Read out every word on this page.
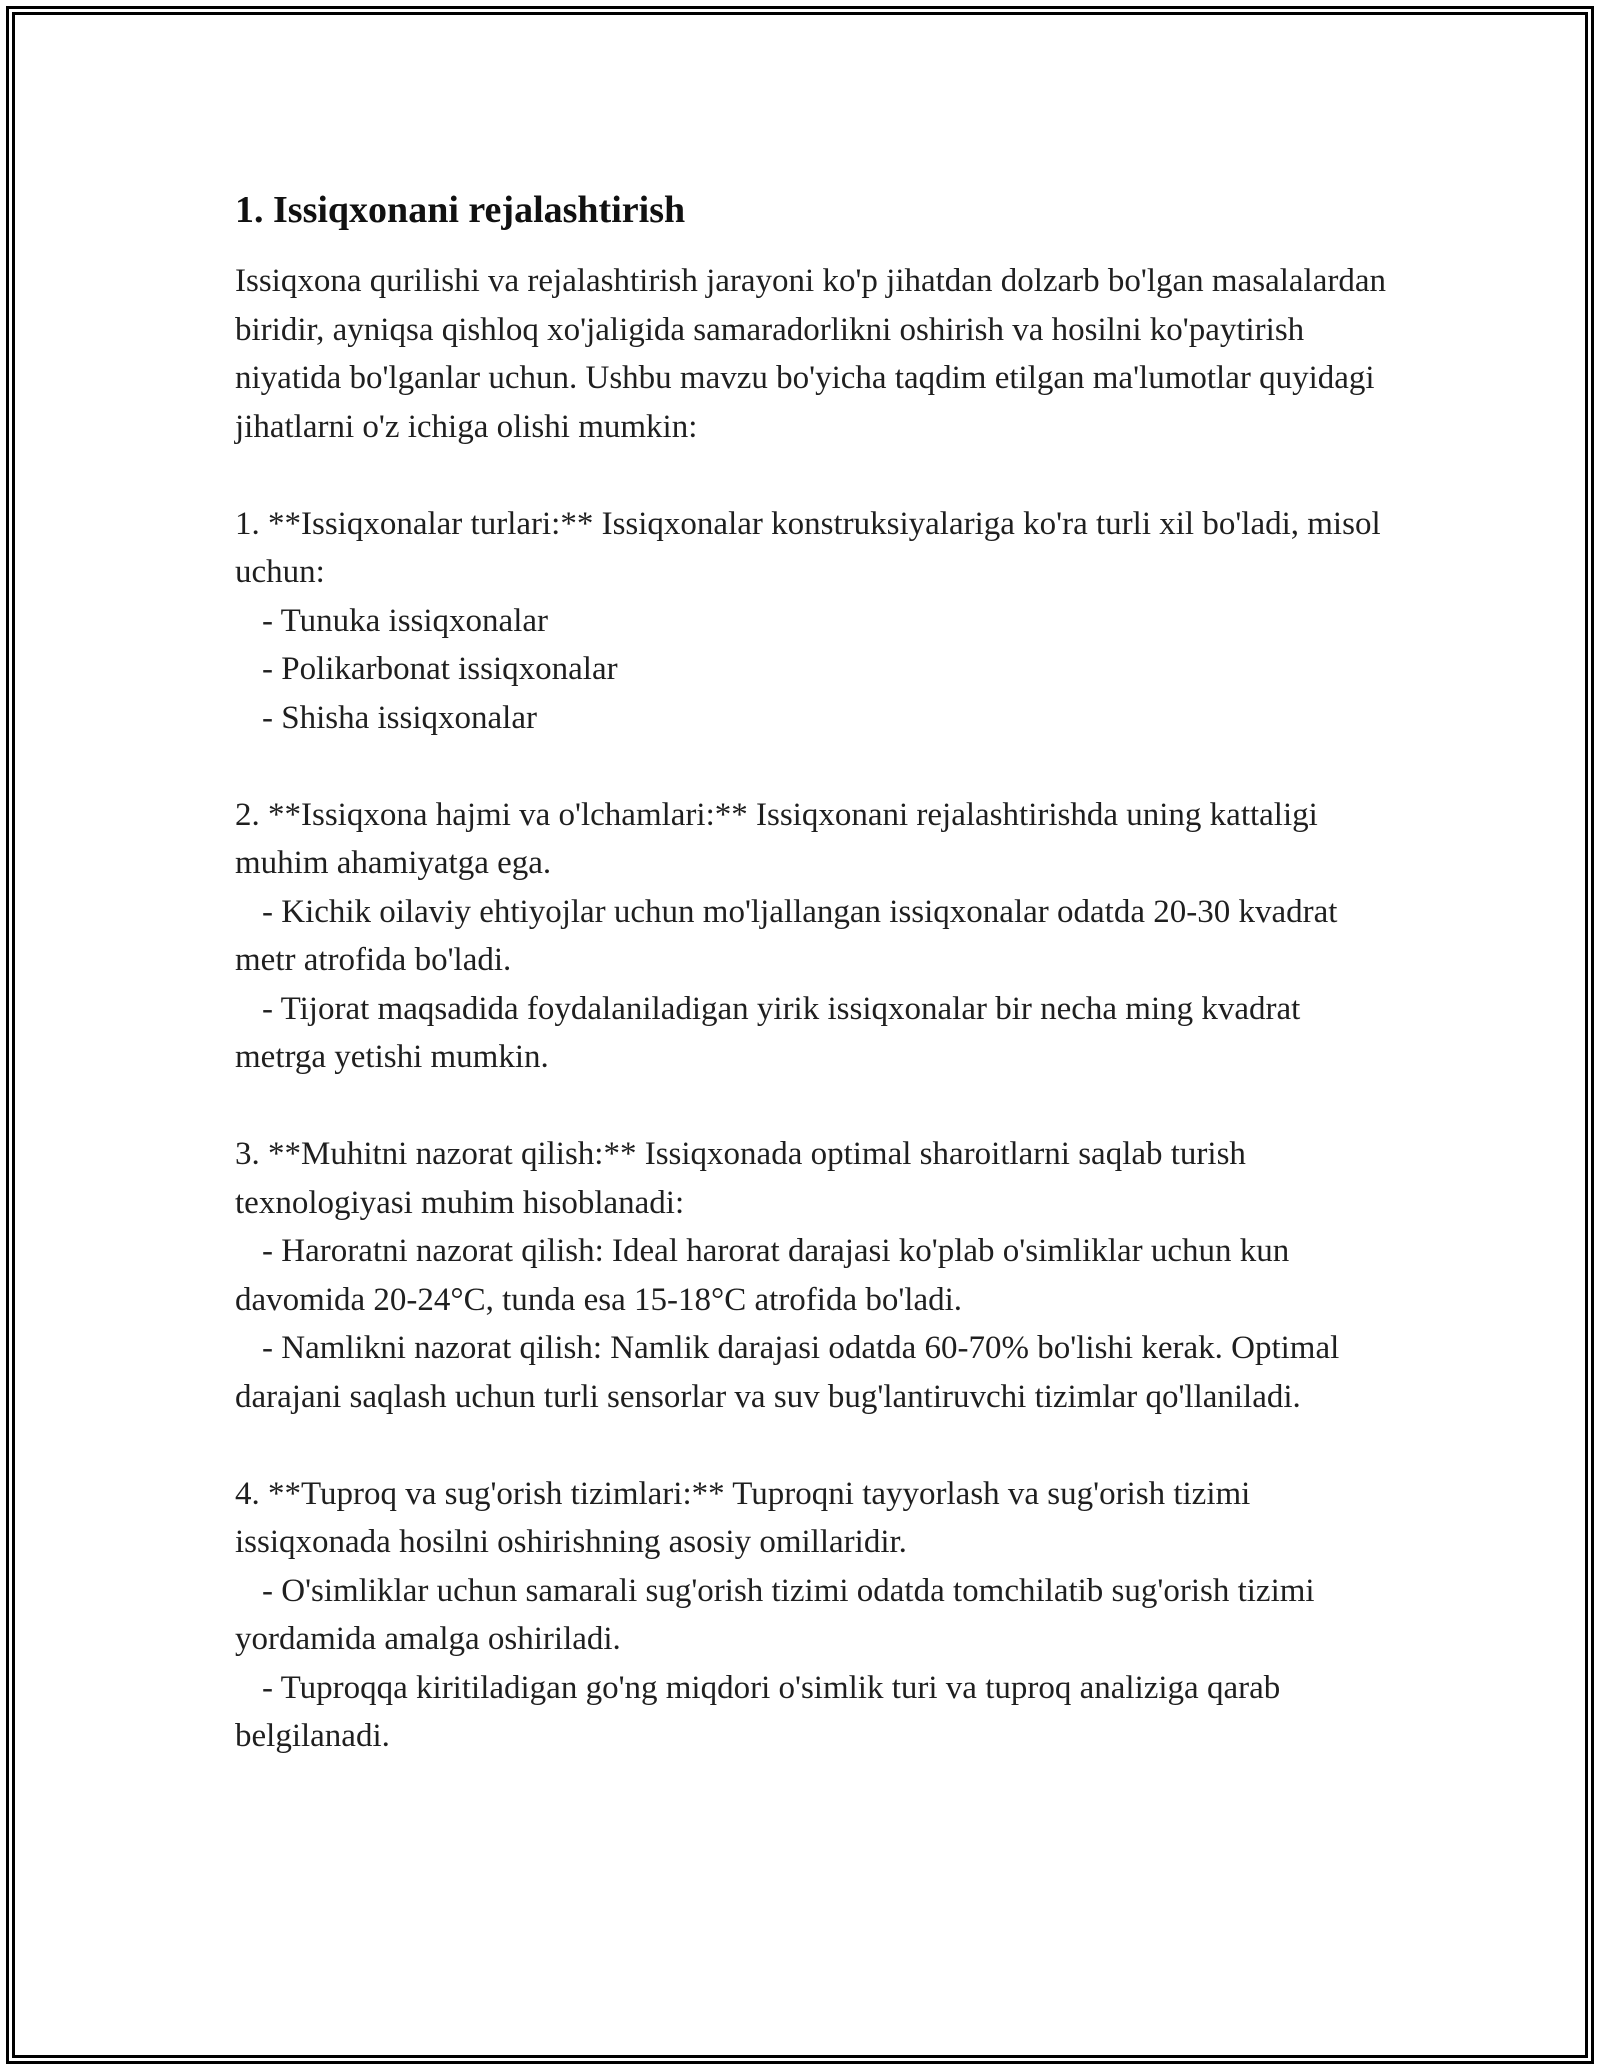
1. Issiqxonani rejalashtirish

Issiqxona qurilishi va rejalashtirish jarayoni ko'p jihatdan dolzarb bo'lgan masalalardan biridir, ayniqsa qishloq xo'jaligida samaradorlikni oshirish va hosilni ko'paytirish niyatida bo'lganlar uchun. Ushbu mavzu bo'yicha taqdim etilgan ma'lumotlar quyidagi jihatlarni o'z ichiga olishi mumkin:

1. **Issiqxonalar turlari:** Issiqxonalar konstruksiyalariga ko'ra turli xil bo'ladi, misol uchun:

- Tunuka issiqxonalar

- Polikarbonat issiqxonalar

- Shisha issiqxonalar

2. **Issiqxona hajmi va o'lchamlari:** Issiqxonani rejalashtirishda uning kattaligi muhim ahamiyatga ega.

- Kichik oilaviy ehtiyojlar uchun mo'ljallangan issiqxonalar odatda 20-30 kvadrat metr atrofida bo'ladi.

- Tijorat maqsadida foydalaniladigan yirik issiqxonalar bir necha ming kvadrat metrga yetishi mumkin.

3. **Muhitni nazorat qilish:** Issiqxonada optimal sharoitlarni saqlab turish texnologiyasi muhim hisoblanadi:

- Haroratni nazorat qilish: Ideal harorat darajasi ko'plab o'simliklar uchun kun davomida 20-24°C, tunda esa 15-18°C atrofida bo'ladi.

- Namlikni nazorat qilish: Namlik darajasi odatda 60-70% bo'lishi kerak. Optimal darajani saqlash uchun turli sensorlar va suv bug'lantiruvchi tizimlar qo'llaniladi.

4. **Tuproq va sug'orish tizimlari:** Tuproqni tayyorlash va sug'orish tizimi issiqxonada hosilni oshirishning asosiy omillaridir.

- O'simliklar uchun samarali sug'orish tizimi odatda tomchilatib sug'orish tizimi yordamida amalga oshiriladi.

- Tuproqqa kiritiladigan go'ng miqdori o'simlik turi va tuproq analiziga qarab belgilanadi.
